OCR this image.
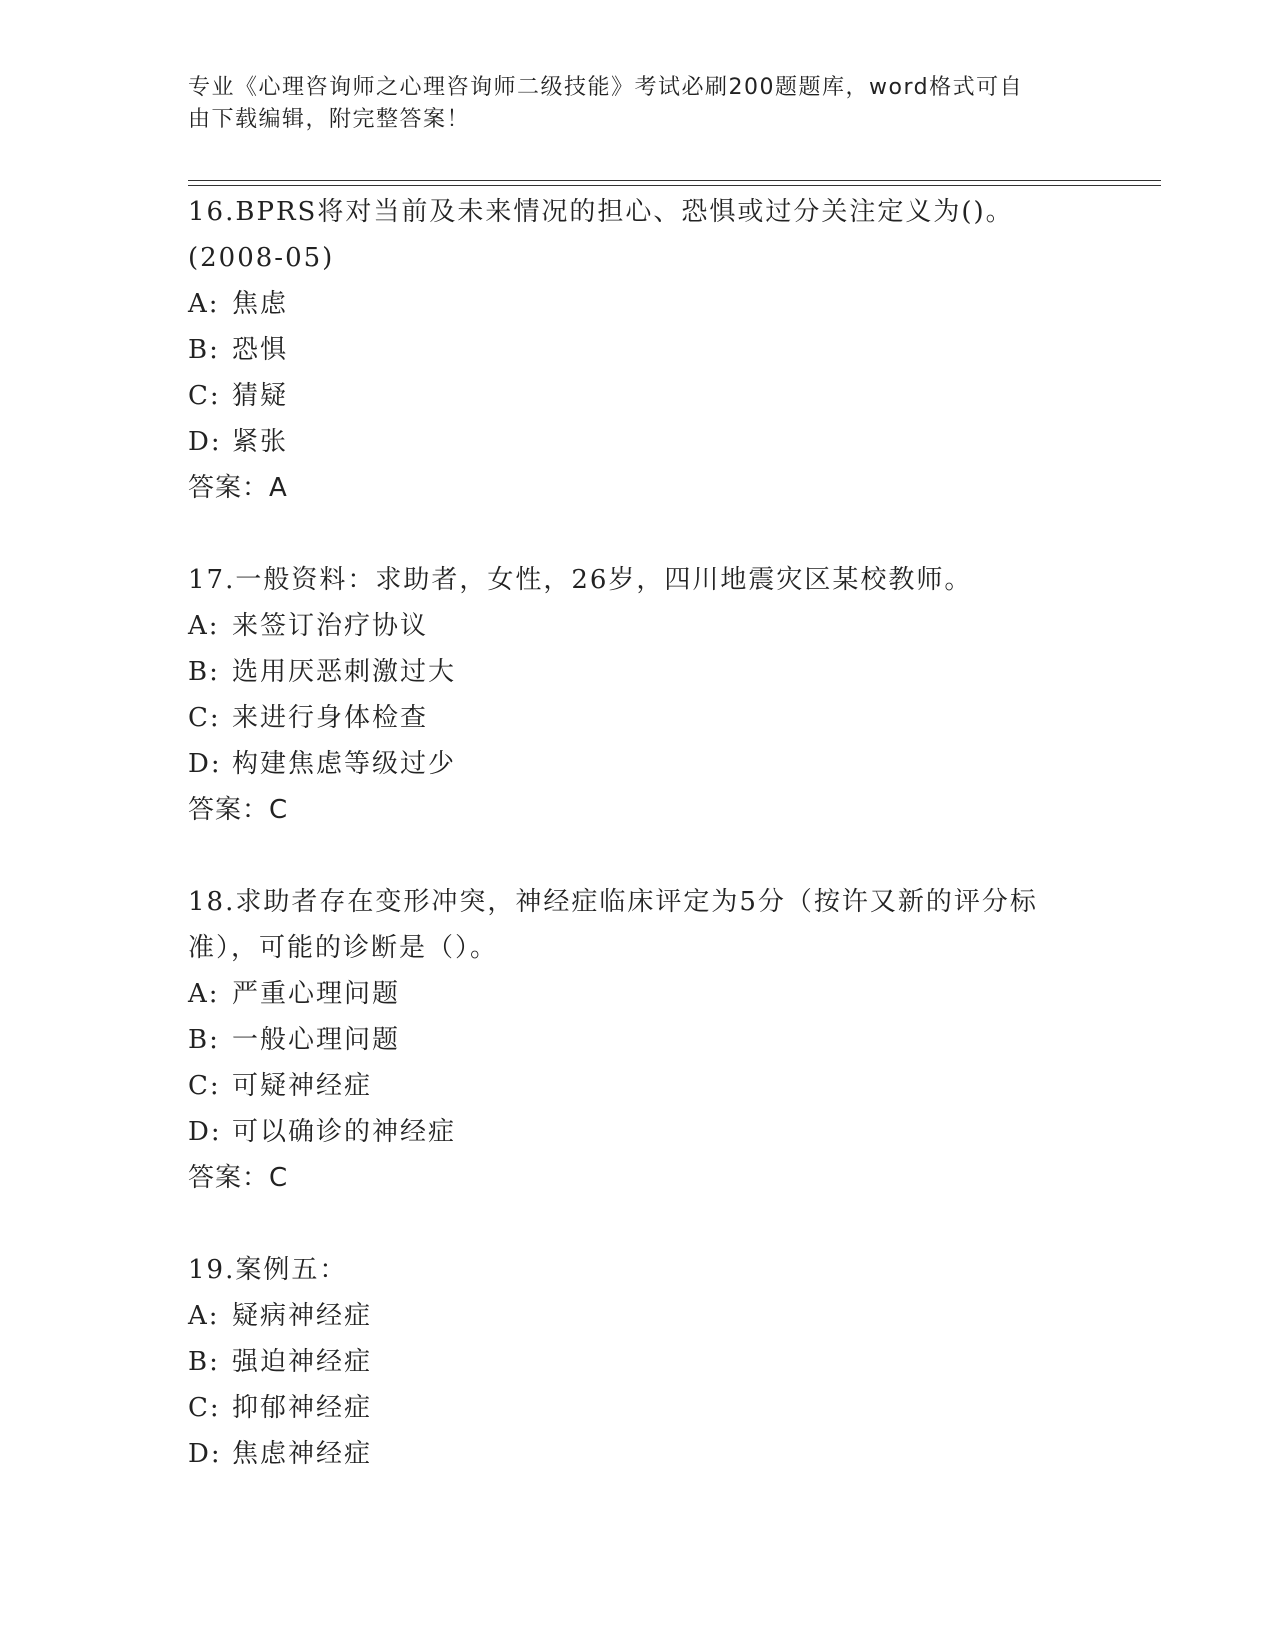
专业《心理咨询师之心理咨询师二级技能》考试必刷200题题库，word格式可自
由下载编辑，附完整答案！
16.BPRS将对当前及未来情况的担心、恐惧或过分关注定义为()。
(2008-05)
A: 焦虑
B: 恐惧
C: 猜疑
D: 紧张
答案：A
17.一般资料：求助者，女性，26岁，四川地震灾区某校教师。
A: 来签订治疗协议
B: 选用厌恶刺激过大
C: 来进行身体检查
D: 构建焦虑等级过少
答案：C
18.求助者存在变形冲突，神经症临床评定为5分（按许又新的评分标
准），可能的诊断是（）。
A: 严重心理问题
B: 一般心理问题
C: 可疑神经症
D: 可以确诊的神经症
答案：C
19.案例五：
A: 疑病神经症
B: 强迫神经症
C: 抑郁神经症
D: 焦虑神经症
